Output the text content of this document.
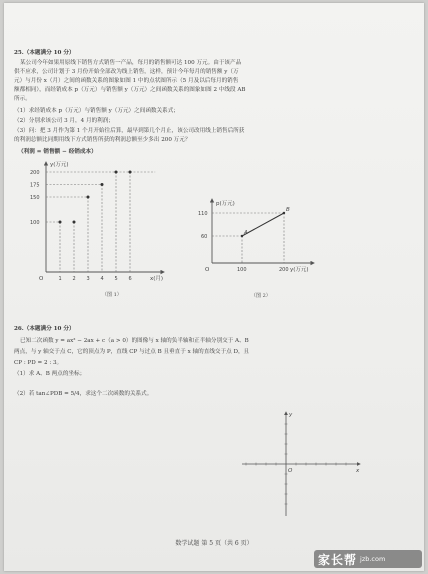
25.（本题满分 10 分）
某公司今年如果用原线下销售方式销售一产品，每月的销售额可达 100 万元。由于该产品
供不应求，公司计划于 3 月份开始全部改为线上销售，这样，预计今年每月的销售额 y（万
元）与月份 x（月）之间的函数关系的图象如图 1 中的点状图所示（5 月及以后每月的销售
额都相同），而经销成本 p（万元）与销售额 y（万元）之间函数关系的图象如图 2 中线段 AB
所示。
（1）求经销成本 p（万元）与销售额 y（万元）之间函数关系式；
（2）分别求该公司 3 月，4 月的利润；
（3）问：把 3 月作为第 1 个月开始往后算，最早到第几个月止，该公司改用线上销售后所获
的利润总额比同期用线下方式销售所获的利润总额至少多出 200 万元？
（利润 = 销售额 − 经销成本）
y(万元)
x(月)
O
200
175
150
100
1 2 3 4 5 6
（图 1）
p(万元)
y(万元)
O
A
B
110
60
100	200
（图 2）
26.（本题满分 10 分）
已知二次函数 y = ax² − 2ax + c（a > 0）的图像与 x 轴的负半轴和正半轴分别交于 A、B
两点，与 y 轴交于点 C，它的顶点为 P，直线 CP 与过点 B 且垂直于 x 轴的直线交于点 D，且
CP : PD = 2 : 3。
（1）求 A、B 两点的坐标；
（2）若 tan∠PDB = 5/4，求这个二次函数的关系式。
y
x
O
数学试题 第 5 页（共 6 页）
家长帮 jzb.com
